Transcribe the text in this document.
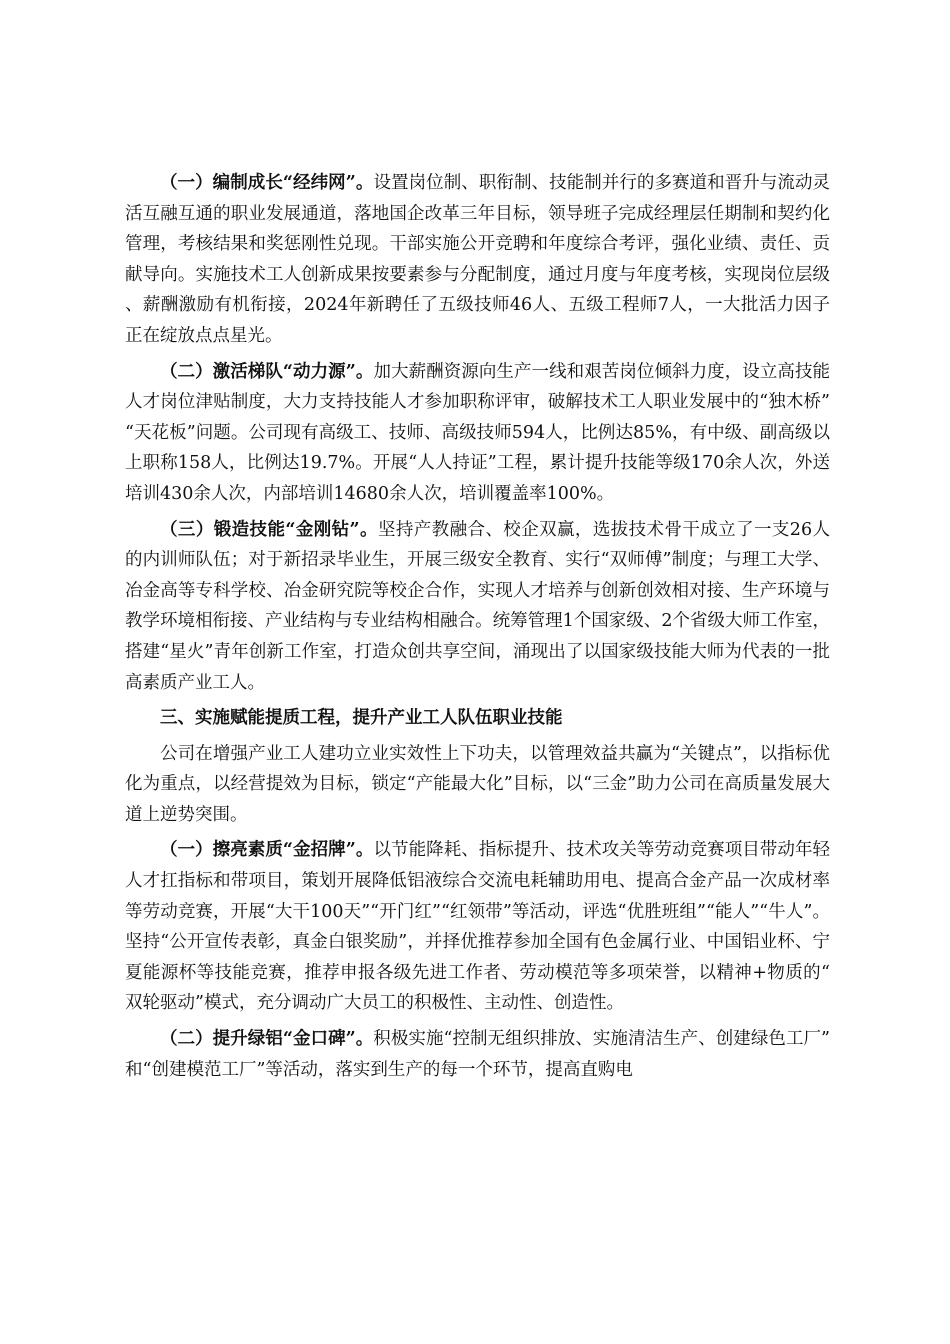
（一）编制成长“经纬网”。设置岗位制、职衔制、技能制并行的多赛道和晋升与流动灵活互融互通的职业发展通道，落地国企改革三年目标，领导班子完成经理层任期制和契约化管理，考核结果和奖惩刚性兑现。干部实施公开竞聘和年度综合考评，强化业绩、责任、贡献导向。实施技术工人创新成果按要素参与分配制度，通过月度与年度考核，实现岗位层级、薪酬激励有机衔接，2024年新聘任了五级技师46人、五级工程师7人，一大批活力因子正在绽放点点星光。

（二）激活梯队“动力源”。加大薪酬资源向生产一线和艰苦岗位倾斜力度，设立高技能人才岗位津贴制度，大力支持技能人才参加职称评审，破解技术工人职业发展中的“独木桥”“天花板”问题。公司现有高级工、技师、高级技师594人，比例达85%，有中级、副高级以上职称158人，比例达19.7%。开展“人人持证”工程，累计提升技能等级170余人次，外送培训430余人次，内部培训14680余人次，培训覆盖率100%。

（三）锻造技能“金刚钻”。坚持产教融合、校企双赢，选拔技术骨干成立了一支26人的内训师队伍；对于新招录毕业生，开展三级安全教育、实行“双师傅”制度；与理工大学、冶金高等专科学校、冶金研究院等校企合作，实现人才培养与创新创效相对接、生产环境与教学环境相衔接、产业结构与专业结构相融合。统筹管理1个国家级、2个省级大师工作室，搭建“星火”青年创新工作室，打造众创共享空间，涌现出了以国家级技能大师为代表的一批高素质产业工人。

三、实施赋能提质工程，提升产业工人队伍职业技能

公司在增强产业工人建功立业实效性上下功夫，以管理效益共赢为“关键点”，以指标优化为重点，以经营提效为目标，锁定“产能最大化”目标，以“三金”助力公司在高质量发展大道上逆势突围。

（一）擦亮素质“金招牌”。以节能降耗、指标提升、技术攻关等劳动竞赛项目带动年轻人才扛指标和带项目，策划开展降低铝液综合交流电耗辅助用电、提高合金产品一次成材率等劳动竞赛，开展“大干100天”“开门红”“红领带”等活动，评选“优胜班组”“能人”“牛人”。坚持“公开宣传表彰，真金白银奖励”，并择优推荐参加全国有色金属行业、中国铝业杯、宁夏能源杯等技能竞赛，推荐申报各级先进工作者、劳动模范等多项荣誉，以精神+物质的“双轮驱动”模式，充分调动广大员工的积极性、主动性、创造性。

（二）提升绿铝“金口碑”。积极实施“控制无组织排放、实施清洁生产、创建绿色工厂”和“创建模范工厂”等活动，落实到生产的每一个环节，提高直购电
